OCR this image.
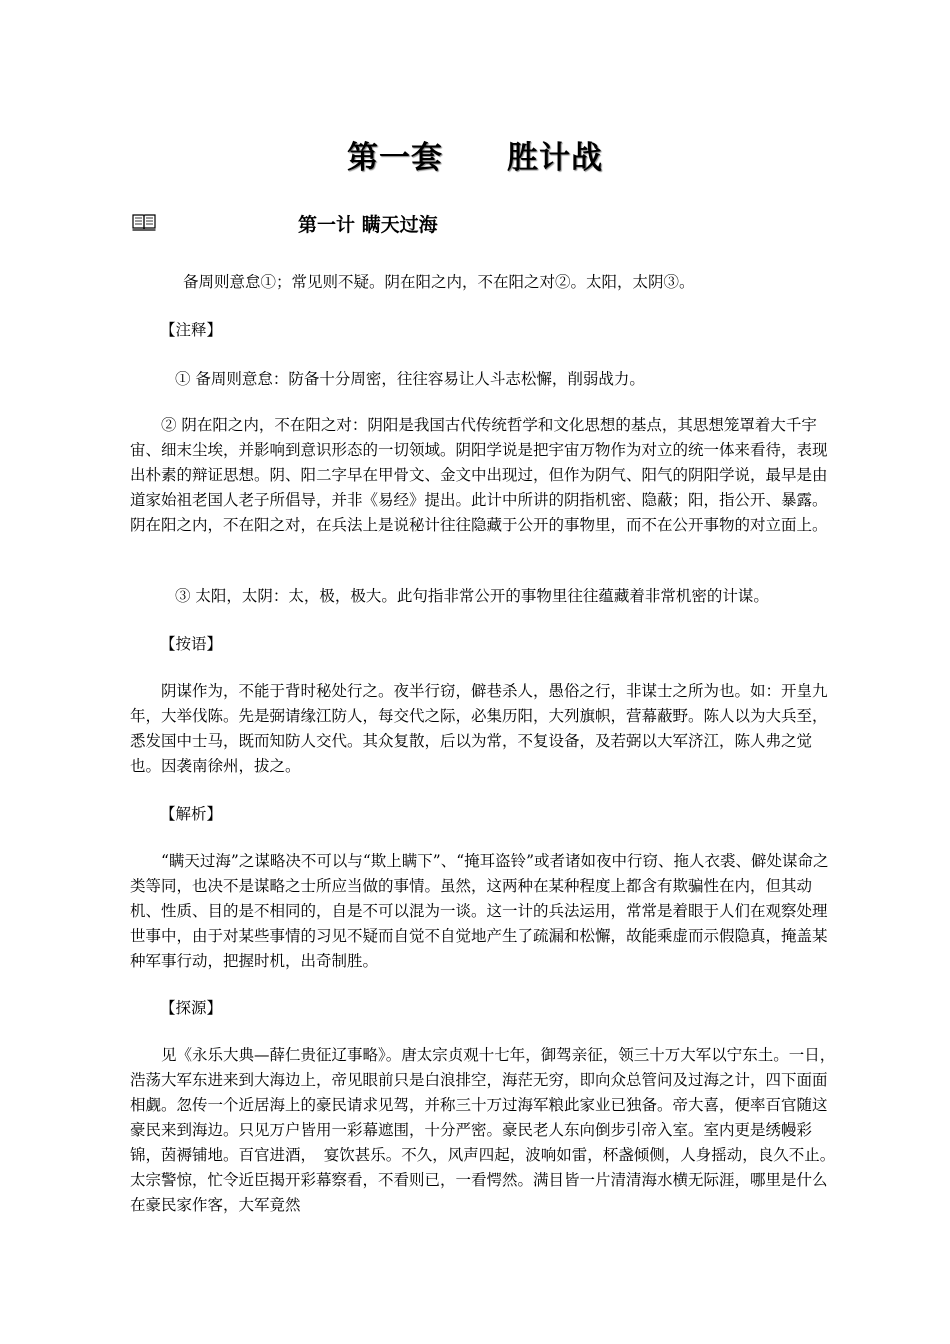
第一套　　胜计战
第一计 瞒天过海

备周则意怠①；常见则不疑。阴在阳之内，不在阳之对②。太阳，太阴③。

【注释】

① 备周则意怠：防备十分周密，往往容易让人斗志松懈，削弱战力。

② 阴在阳之内，不在阳之对：阴阳是我国古代传统哲学和文化思想的基点，其思想笼罩着大千宇宙、细末尘埃，并影响到意识形态的一切领域。阴阳学说是把宇宙万物作为对立的统一体来看待，表现出朴素的辩证思想。阴、阳二字早在甲骨文、金文中出现过，但作为阴气、阳气的阴阳学说，最早是由道家始祖老国人老子所倡导，并非《易经》提出。此计中所讲的阴指机密、隐蔽；阳，指公开、暴露。阴在阳之内，不在阳之对，在兵法上是说秘计往往隐藏于公开的事物里，而不在公开事物的对立面上。

③ 太阳，太阴：太，极，极大。此句指非常公开的事物里往往蕴藏着非常机密的计谋。

【按语】

阴谋作为，不能于背时秘处行之。夜半行窃，僻巷杀人，愚俗之行，非谋士之所为也。如：开皇九年，大举伐陈。先是弼请缘江防人，每交代之际，必集历阳，大列旗帜，营幕蔽野。陈人以为大兵至，悉发国中士马，既而知防人交代。其众复散，后以为常，不复设备，及若弼以大军济江，陈人弗之觉也。因袭南徐州，拔之。

【解析】

“瞒天过海”之谋略决不可以与“欺上瞒下”、“掩耳盗铃”或者诸如夜中行窃、拖人衣裘、僻处谋命之类等同，也决不是谋略之士所应当做的事情。虽然，这两种在某种程度上都含有欺骗性在内，但其动机、性质、目的是不相同的，自是不可以混为一谈。这一计的兵法运用，常常是着眼于人们在观察处理世事中，由于对某些事情的习见不疑而自觉不自觉地产生了疏漏和松懈，故能乘虚而示假隐真，掩盖某种军事行动，把握时机，出奇制胜。

【探源】

见《永乐大典—薛仁贵征辽事略》。唐太宗贞观十七年，御驾亲征，领三十万大军以宁东土。一日，浩荡大军东进来到大海边上，帝见眼前只是白浪排空，海茫无穷，即向众总管问及过海之计，四下面面相觑。忽传一个近居海上的豪民请求见驾，并称三十万过海军粮此家业已独备。帝大喜，便率百官随这豪民来到海边。只见万户皆用一彩幕遮围，十分严密。豪民老人东向倒步引帝入室。室内更是绣幔彩锦，茵褥铺地。百官进酒，　宴饮甚乐。不久，风声四起，波响如雷，杯盏倾侧，人身摇动，良久不止。太宗警惊，忙令近臣揭开彩幕察看，不看则已，一看愕然。满目皆一片清清海水横无际涯，哪里是什么在豪民家作客，大军竟然
